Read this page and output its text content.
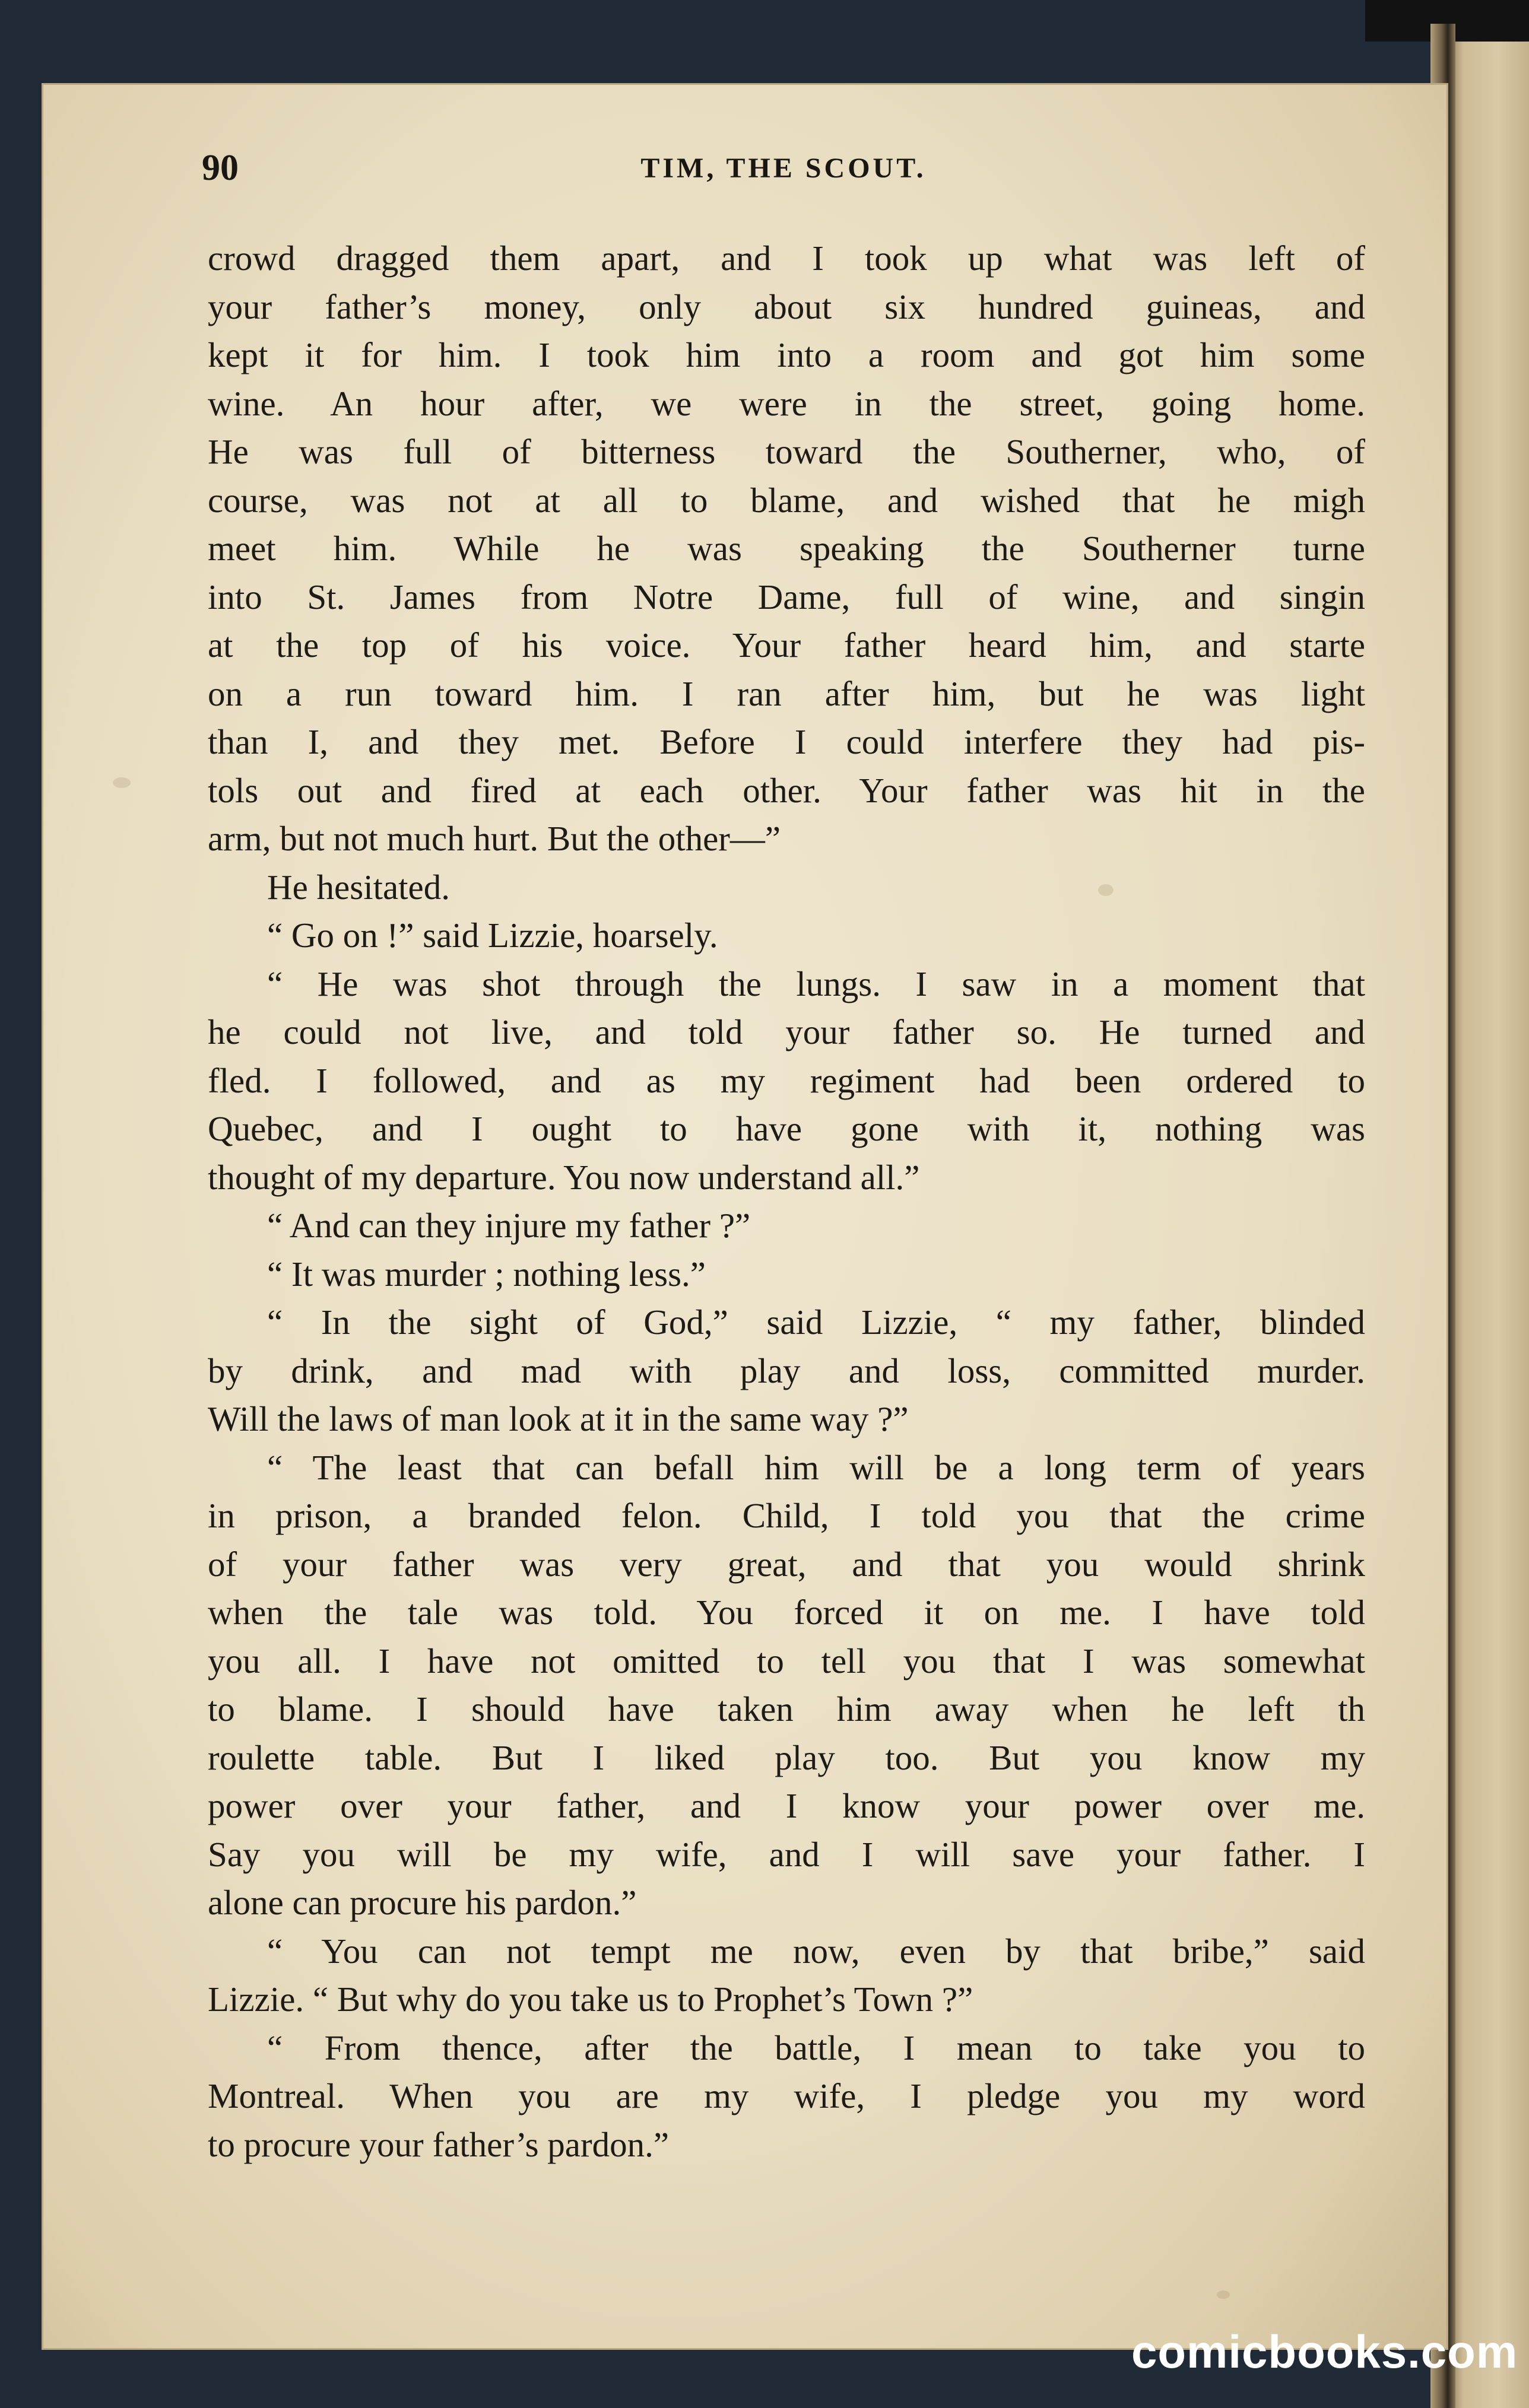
90	TIM, THE SCOUT.
crowd dragged them apart, and I took up what was left of
your father’s money, only about six hundred guineas, and
kept it for him. I took him into a room and got him some
wine. An hour after, we were in the street, going home.
He was full of bitterness toward the Southerner, who, of
course, was not at all to blame, and wished that he migh
meet him. While he was speaking the Southerner turne
into St. James from Notre Dame, full of wine, and singin
at the top of his voice. Your father heard him, and starte
on a run toward him. I ran after him, but he was light
than I, and they met. Before I could interfere they had pis-
tols out and fired at each other. Your father was hit in the
arm, but not much hurt. But the other—”
He hesitated.
“ Go on !” said Lizzie, hoarsely.
“ He was shot through the lungs. I saw in a moment that
he could not live, and told your father so. He turned and
fled. I followed, and as my regiment had been ordered to
Quebec, and I ought to have gone with it, nothing was
thought of my departure. You now understand all.”
“ And can they injure my father ?”
“ It was murder ; nothing less.”
“ In the sight of God,” said Lizzie, “ my father, blinded
by drink, and mad with play and loss, committed murder.
Will the laws of man look at it in the same way ?”
“ The least that can befall him will be a long term of years
in prison, a branded felon. Child, I told you that the crime
of your father was very great, and that you would shrink
when the tale was told. You forced it on me. I have told
you all. I have not omitted to tell you that I was somewhat
to blame. I should have taken him away when he left th
roulette table. But I liked play too. But you know my
power over your father, and I know your power over me.
Say you will be my wife, and I will save your father. I
alone can procure his pardon.”
“ You can not tempt me now, even by that bribe,” said
Lizzie. “ But why do you take us to Prophet’s Town ?”
“ From thence, after the battle, I mean to take you to
Montreal. When you are my wife, I pledge you my word
to procure your father’s pardon.”
comicbooks.com
